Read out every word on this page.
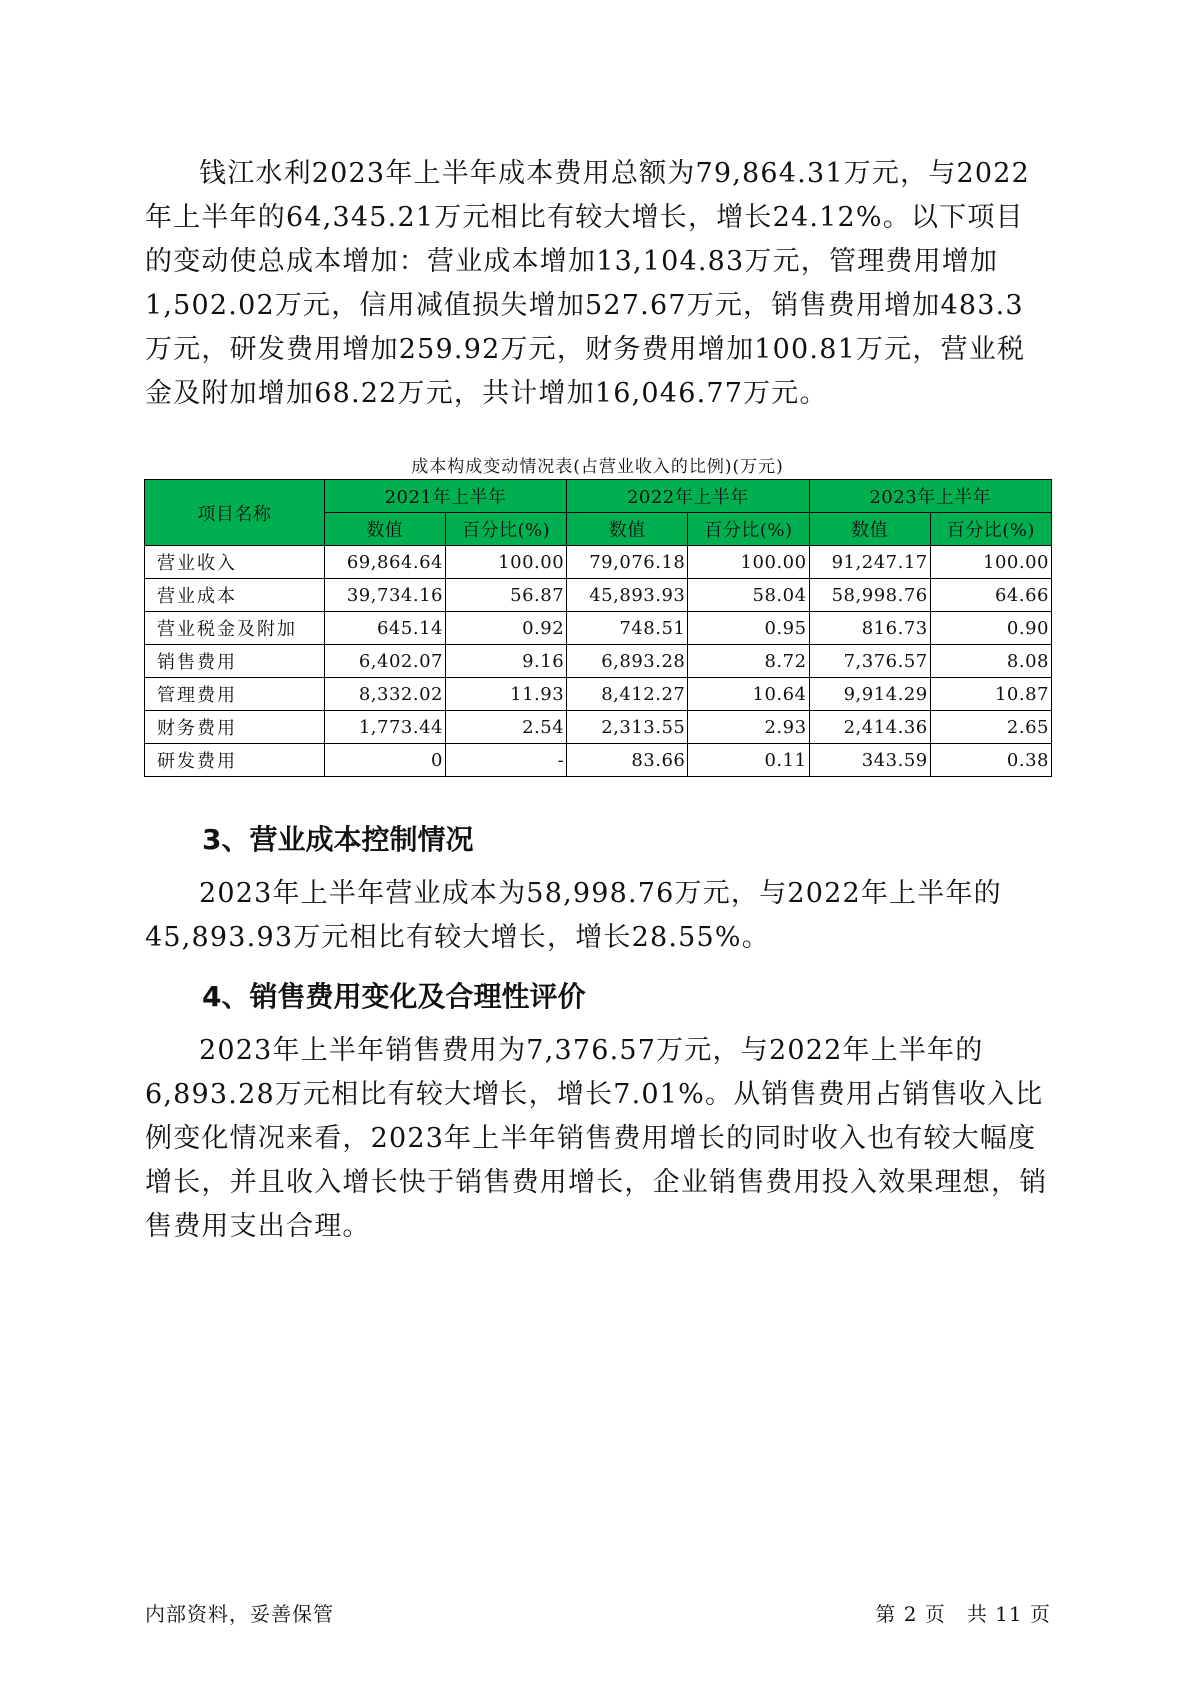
钱江水利2023年上半年成本费用总额为79,864.31万元，与2022年上半年的64,345.21万元相比有较大增长，增长24.12%。以下项目的变动使总成本增加：营业成本增加13,104.83万元，管理费用增加1,502.02万元，信用减值损失增加527.67万元，销售费用增加483.3万元，研发费用增加259.92万元，财务费用增加100.81万元，营业税金及附加增加68.22万元，共计增加16,046.77万元。

成本构成变动情况表(占营业收入的比例)(万元)
项目名称	2021年上半年		2022年上半年		2023年上半年	
	数值	百分比(%)	数值	百分比(%)	数值	百分比(%)
营业收入	69,864.64	100.00	79,076.18	100.00	91,247.17	100.00
营业成本	39,734.16	56.87	45,893.93	58.04	58,998.76	64.66
营业税金及附加	645.14	0.92	748.51	0.95	816.73	0.90
销售费用	6,402.07	9.16	6,893.28	8.72	7,376.57	8.08
管理费用	8,332.02	11.93	8,412.27	10.64	9,914.29	10.87
财务费用	1,773.44	2.54	2,313.55	2.93	2,414.36	2.65
研发费用	0	-	83.66	0.11	343.59	0.38
3、营业成本控制情况

2023年上半年营业成本为58,998.76万元，与2022年上半年的45,893.93万元相比有较大增长，增长28.55%。

4、销售费用变化及合理性评价

2023年上半年销售费用为7,376.57万元，与2022年上半年的6,893.28万元相比有较大增长，增长7.01%。从销售费用占销售收入比例变化情况来看，2023年上半年销售费用增长的同时收入也有较大幅度增长，并且收入增长快于销售费用增长，企业销售费用投入效果理想，销售费用支出合理。

内部资料，妥善保管	第 2 页　共 11 页
